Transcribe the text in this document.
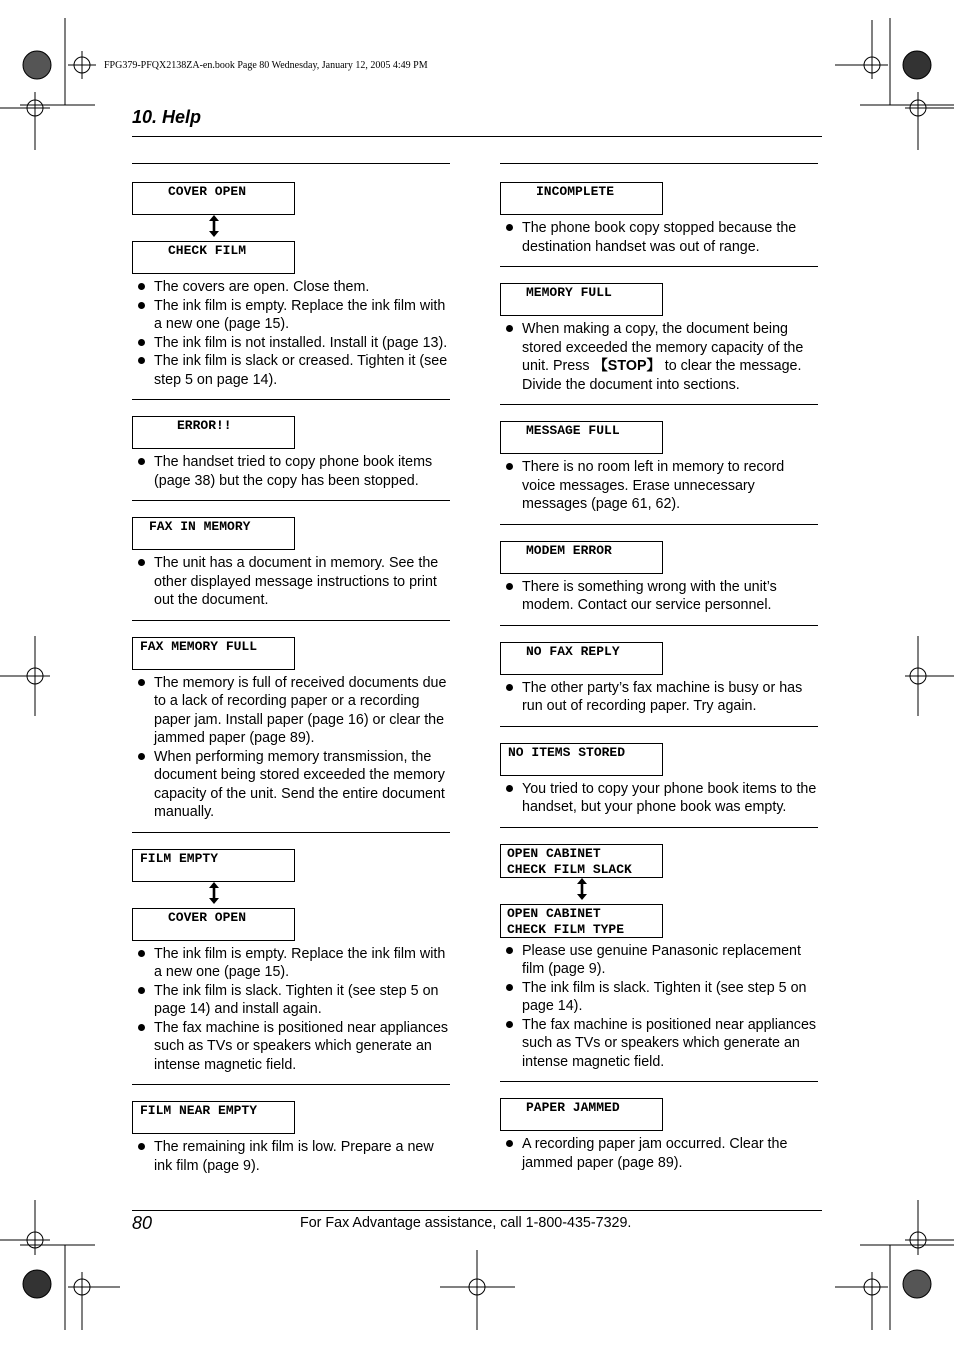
FPG379-PFQX2138ZA-en.book Page 80 Wednesday, January 12, 2005 4:49 PM
10. Help
COVER OPEN
CHECK FILM
The covers are open. Close them.
The ink film is empty. Replace the ink film with a new one (page 15).
The ink film is not installed. Install it (page 13).
The ink film is slack or creased. Tighten it (see step 5 on page 14).
ERROR!!
The handset tried to copy phone book items (page 38) but the copy has been stopped.
FAX IN MEMORY
The unit has a document in memory. See the other displayed message instructions to print out the document.
FAX MEMORY FULL
The memory is full of received documents due to a lack of recording paper or a recording paper jam. Install paper (page 16) or clear the jammed paper (page 89).
When performing memory transmission, the document being stored exceeded the memory capacity of the unit. Send the entire document manually.
FILM EMPTY
COVER OPEN
The ink film is empty. Replace the ink film with a new one (page 15).
The ink film is slack. Tighten it (see step 5 on page 14) and install again.
The fax machine is positioned near appliances such as TVs or speakers which generate an intense magnetic field.
FILM NEAR EMPTY
The remaining ink film is low. Prepare a new ink film (page 9).
INCOMPLETE
The phone book copy stopped because the destination handset was out of range.
MEMORY FULL
When making a copy, the document being stored exceeded the memory capacity of the unit. Press 【STOP】 to clear the message. Divide the document into sections.
MESSAGE FULL
There is no room left in memory to record voice messages. Erase unnecessary messages (page 61, 62).
MODEM ERROR
There is something wrong with the unit’s modem. Contact our service personnel.
NO FAX REPLY
The other party’s fax machine is busy or has run out of recording paper. Try again.
NO ITEMS STORED
You tried to copy your phone book items to the handset, but your phone book was empty.
OPEN CABINET
CHECK FILM SLACK
OPEN CABINET
CHECK FILM TYPE
Please use genuine Panasonic replacement film (page 9).
The ink film is slack. Tighten it (see step 5 on page 14).
The fax machine is positioned near appliances such as TVs or speakers which generate an intense magnetic field.
PAPER JAMMED
A recording paper jam occurred. Clear the jammed paper (page 89).
80	For Fax Advantage assistance, call 1-800-435-7329.
